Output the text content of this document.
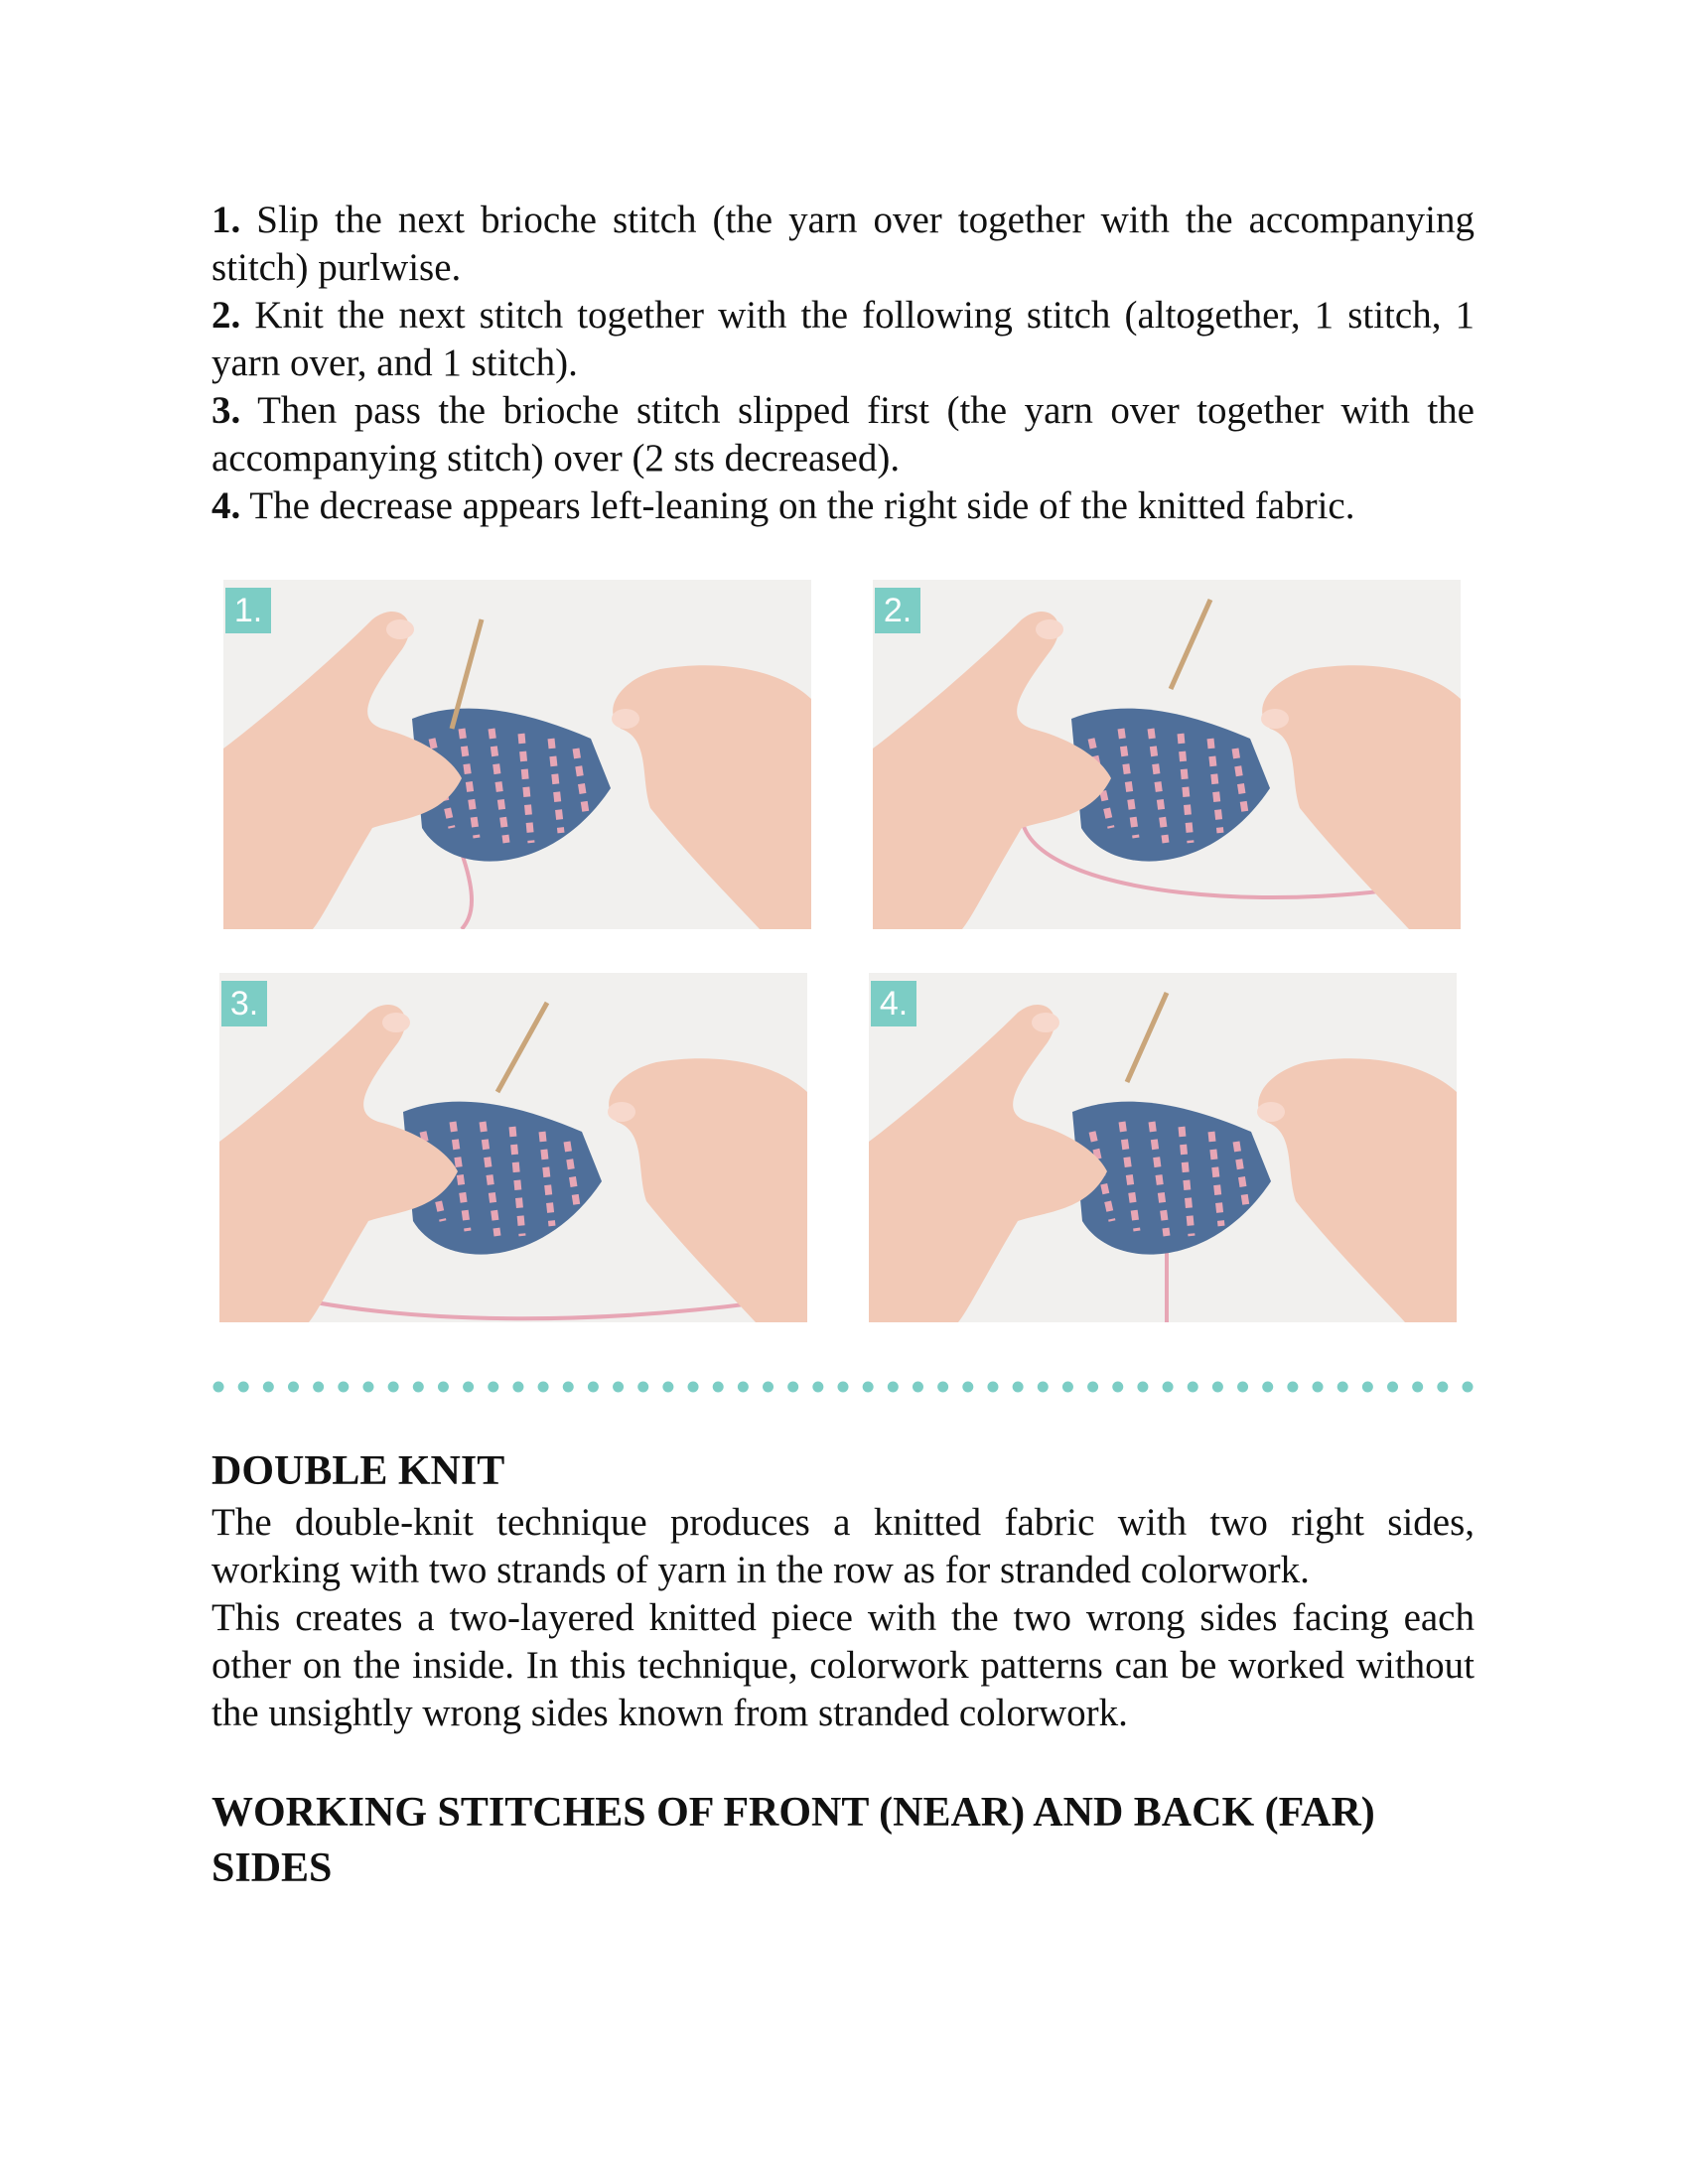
1. Slip the next brioche stitch (the yarn over together with the accompanying stitch) purlwise.

2. Knit the next stitch together with the following stitch (altogether, 1 stitch, 1 yarn over, and 1 stitch).

3. Then pass the brioche stitch slipped first (the yarn over together with the accompanying stitch) over (2 sts decreased).

4. The decrease appears left-leaning on the right side of the knitted fabric.

1.	2.
3.	4.
DOUBLE KNIT

The double-knit technique produces a knitted fabric with two right sides, working with two strands of yarn in the row as for stranded colorwork.

This creates a two-layered knitted piece with the two wrong sides facing each other on the inside. In this technique, colorwork patterns can be worked without the unsightly wrong sides known from stranded colorwork.

WORKING STITCHES OF FRONT (NEAR) AND BACK (FAR) SIDES
